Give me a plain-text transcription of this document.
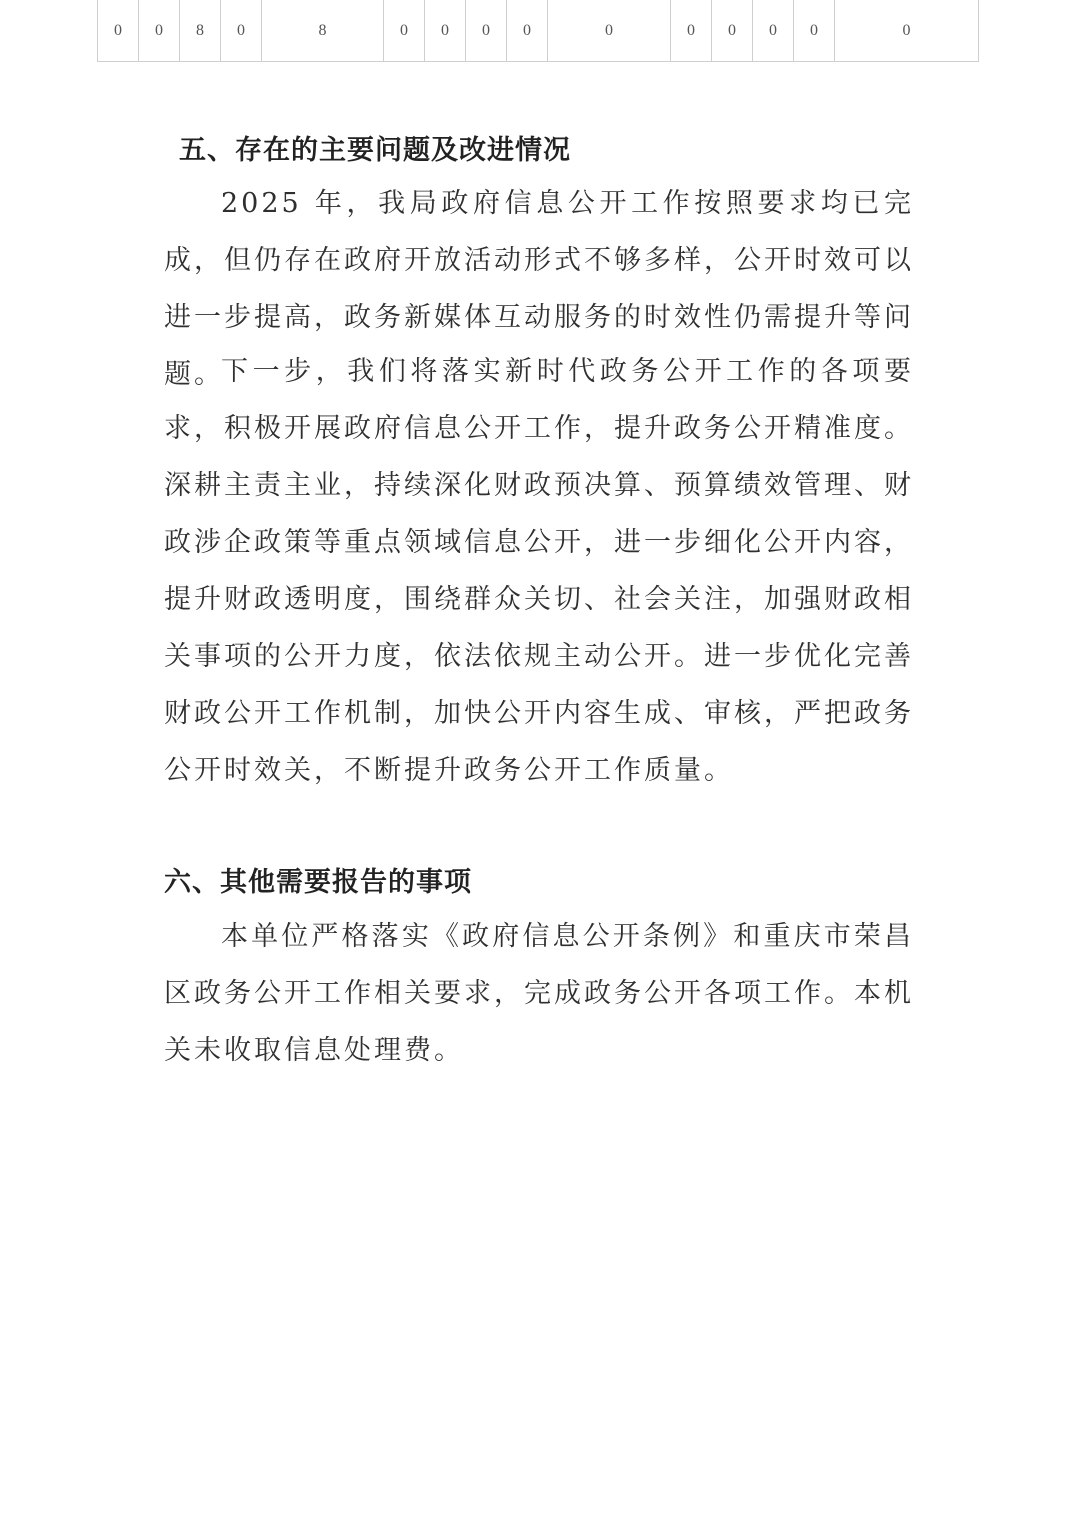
0	0	8	0	8	0	0	0	0	0	0	0	0	0	0
五、存在的主要问题及改进情况

2025 年，我局政府信息公开工作按照要求均已完成，但仍存在政府开放活动形式不够多样，公开时效可以进一步提高，政务新媒体互动服务的时效性仍需提升等问题。

下一步，我们将落实新时代政务公开工作的各项要求，积极开展政府信息公开工作，提升政务公开精准度。深耕主责主业，持续深化财政预决算、预算绩效管理、财政涉企政策等重点领域信息公开，进一步细化公开内容，提升财政透明度，围绕群众关切、社会关注，加强财政相关事项的公开力度，依法依规主动公开。进一步优化完善财政公开工作机制，加快公开内容生成、审核，严把政务公开时效关，不断提升政务公开工作质量。

六、其他需要报告的事项

本单位严格落实《政府信息公开条例》和重庆市荣昌区政务公开工作相关要求，完成政务公开各项工作。本机关未收取信息处理费。
